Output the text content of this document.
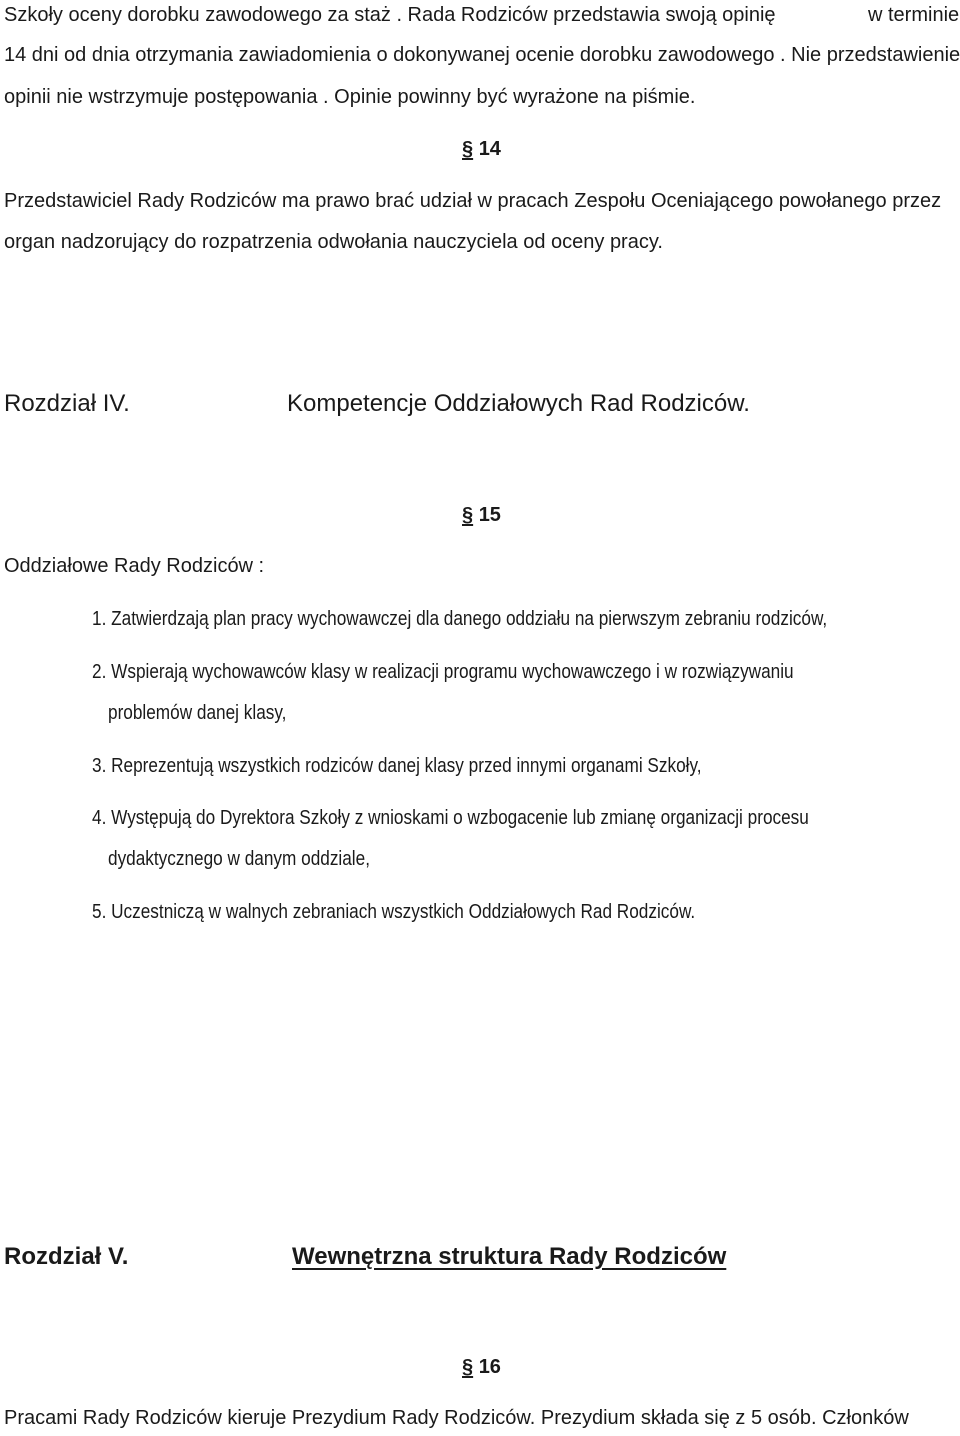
Szkoły oceny dorobku zawodowego za staż . Rada Rodziców przedstawia swoją opinię	w terminie
14 dni od dnia otrzymania zawiadomienia o dokonywanej ocenie dorobku zawodowego . Nie przedstawienie
opinii nie wstrzymuje postępowania . Opinie powinny być wyrażone na piśmie.
§ 14
Przedstawiciel Rady Rodziców ma prawo brać udział w pracach Zespołu Oceniającego powołanego przez
organ nadzorujący do rozpatrzenia odwołania nauczyciela od oceny pracy.
Rozdział IV.	Kompetencje Oddziałowych Rad Rodziców.
§ 15
Oddziałowe Rady Rodziców :
1. Zatwierdzają plan pracy wychowawczej dla danego oddziału na pierwszym zebraniu rodziców,
2. Wspierają wychowawców klasy w realizacji programu wychowawczego i w rozwiązywaniu
problemów danej klasy,
3. Reprezentują wszystkich rodziców danej klasy przed innymi organami Szkoły,
4. Występują do Dyrektora Szkoły z wnioskami o wzbogacenie lub zmianę organizacji procesu
dydaktycznego w danym oddziale,
5. Uczestniczą w walnych zebraniach wszystkich Oddziałowych Rad Rodziców.
Rozdział V.	Wewnętrzna struktura Rady Rodziców
§ 16
Pracami Rady Rodziców kieruje Prezydium Rady Rodziców. Prezydium składa się z 5 osób. Członków
